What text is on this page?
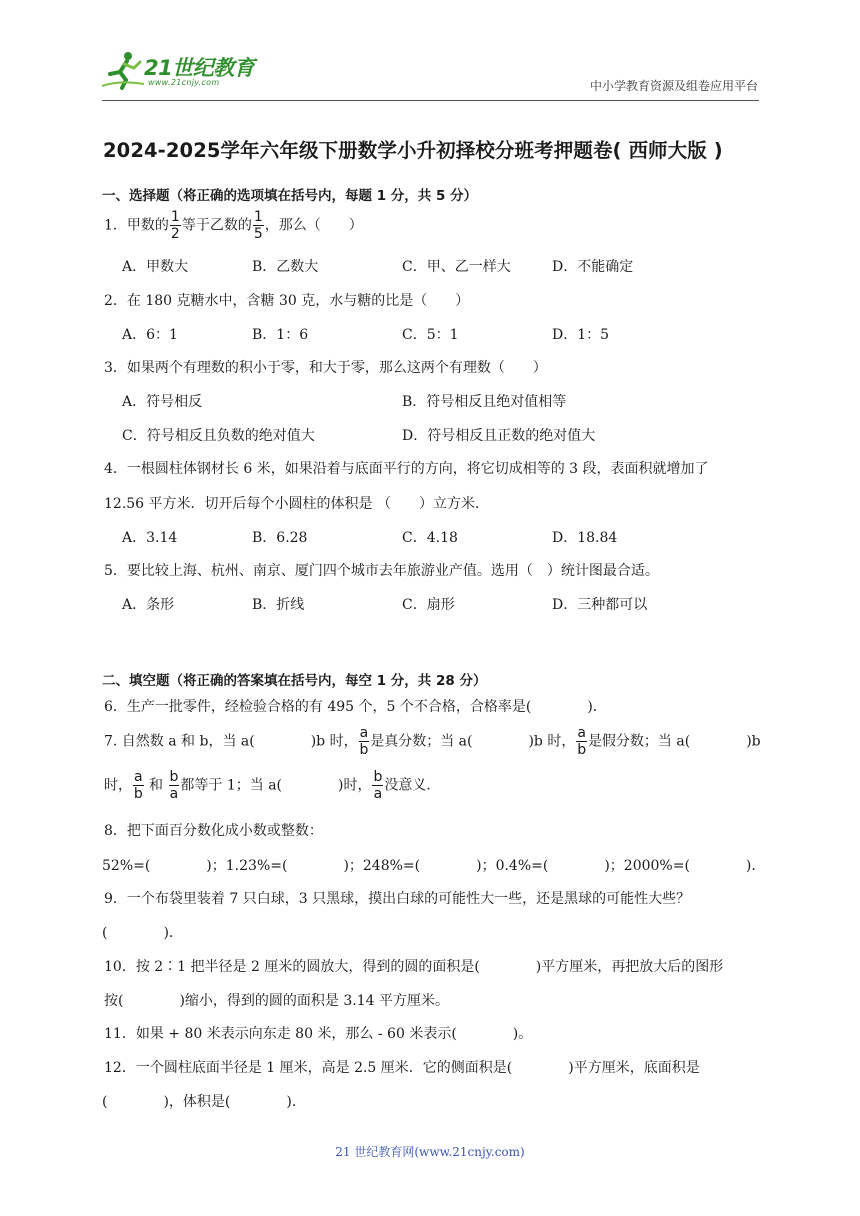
21世纪教育
www.21cnjy.com	中小学教育资源及组卷应用平台
2024-2025学年六年级下册数学小升初择校分班考押题卷( 西师大版 )
一、选择题（将正确的选项填在括号内，每题 1 分，共 5 分）
1．甲数的 $\frac{1}{2}$ 等于乙数的 $\frac{1}{5}$ ，那么（　　）
A．甲数大	B．乙数大	C．甲、乙一样大	D．不能确定
2．在 180 克糖水中，含糖 30 克，水与糖的比是（　　）
A．6：1	B．1：6	C．5：1	D．1：5
3．如果两个有理数的积小于零，和大于零，那么这两个有理数（　　）
A．符号相反	B．符号相反且绝对值相等
C．符号相反且负数的绝对值大	D．符号相反且正数的绝对值大
4．一根圆柱体钢材长 6 米，如果沿着与底面平行的方向，将它切成相等的 3 段，表面积就增加了
12.56 平方米．切开后每个小圆柱的体积是 （　　）立方米．
A．3.14	B．6.28	C．4.18	D．18.84
5．要比较上海、杭州、南京、厦门四个城市去年旅游业产值。选用（　）统计图最合适。
A．条形	B．折线	C．扇形	D．三种都可以
二、填空题（将正确的答案填在括号内，每空 1 分，共 28 分）
6．生产一批零件，经检验合格的有 495 个，5 个不合格，合格率是(　　　　)．
7. 自然数 a 和 b，当 a(　　　　)b 时， $\frac{a}{b}$ 是真分数；当 a(　　　　)b 时， $\frac{a}{b}$ 是假分数；当 a(　　　　)b
时， $\frac{a}{b}$ 和 $\frac{b}{a}$ 都等于 1；当 a(　　　　)时， $\frac{b}{a}$ 没意义．
8．把下面百分数化成小数或整数：
52%=(　　　　)；1.23%=(　　　　)；248%=(　　　　)；0.4%=(　　　　)；2000%=(　　　　)．
9．一个布袋里装着 7 只白球，3 只黑球，摸出白球的可能性大一些，还是黑球的可能性大些？
(　　　　)．
10．按 2∶1 把半径是 2 厘米的圆放大，得到的圆的面积是(　　　　)平方厘米，再把放大后的图形
按(　　　　)缩小，得到的圆的面积是 3.14 平方厘米。
11．如果 + 80 米表示向东走 80 米，那么 - 60 米表示(　　　　)。
12．一个圆柱底面半径是 1 厘米，高是 2.5 厘米．它的侧面积是(　　　　)平方厘米，底面积是
(　　　　)，体积是(　　　　)．
21 世纪教育网(www.21cnjy.com)
